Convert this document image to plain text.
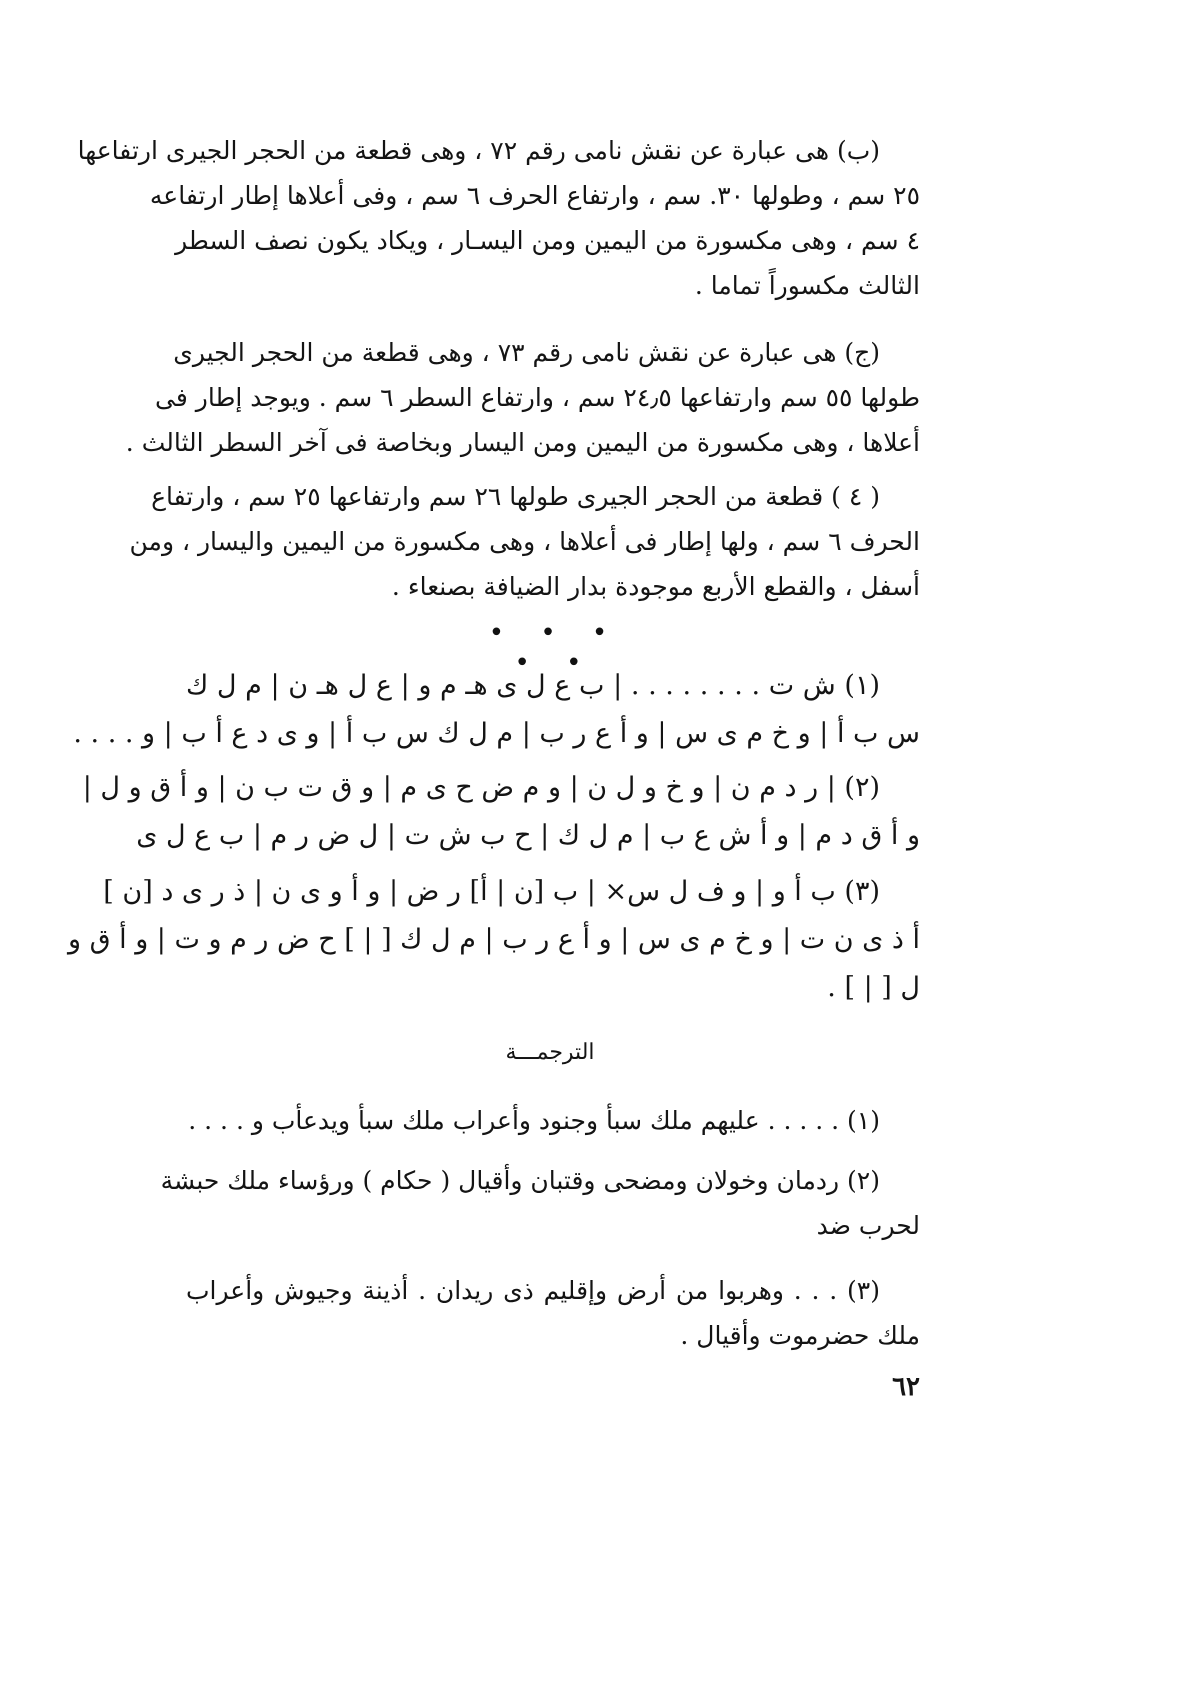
(ب) هى عبارة عن نقش نامى رقم ٧٢ ، وهى قطعة من الحجر الجيرى ارتفاعها
٢٥ سم ، وطولها ٣٠. سم ، وارتفاع الحرف ٦ سم ، وفى أعلاها إطار ارتفاعه
٤ سم ، وهى مكسورة من اليمين ومن اليسـار ، ويكاد يكون نصف السطر
الثالث مكسوراً تماما .
(ج) هى عبارة عن نقش نامى رقم ٧٣ ، وهى قطعة من الحجر الجيرى
طولها ٥٥ سم وارتفاعها ٢٤٫٥ سم ، وارتفاع السطر ٦ سم . ويوجد إطار فى
أعلاها ، وهى مكسورة من اليمين ومن اليسار وبخاصة فى آخر السطر الثالث .
( ٤ ) قطعة من الحجر الجيرى طولها ٢٦ سم وارتفاعها ٢٥ سم ، وارتفاع
الحرف ٦ سم ، ولها إطار فى أعلاها ، وهى مكسورة من اليمين واليسار ، ومن
أسفل ، والقطع الأربع موجودة بدار الضيافة بصنعاء .
• • • • •
(١) ش ت . . . . . . . . | ب ع ل ى هـ م و | ع ل هـ ن | م ل ك
س ب أ | و خ م ى س | و أ ع ر ب | م ل ك س ب أ | و ى د ع أ ب | و . . . .
(٢) | ر د م ن | و خ و ل ن | و م ض ح ى م | و ق ت ب ن | و أ ق و ل |
و أ ق د م | و أ ش ع ب | م ل ك | ح ب ش ت | ل ض ر م | ب ع ل ى
(٣) ب أ و | و ف ل س× | ب [ن | أ] ر ض | و أ و ى ن | ذ ر ى د [ن ]
أ ذ ى ن ت | و خ م ى س | و أ ع ر ب | م ل ك [ | ] ح ض ر م و ت | و أ ق و
ل [ | ] .
الترجمـــة
(١) . . . . . عليهم ملك سبأ وجنود وأعراب ملك سبأ ويدعأب و . . . .
(٢) ردمان وخولان ومضحى وقتبان وأقيال ( حكام ) ورؤساء ملك حبشة
لحرب ضد
(٣) . . . وهربوا من أرض وإقليم ذى ريدان . أذينة وجيوش وأعراب
ملك حضرموت وأقيال .
٦٢
